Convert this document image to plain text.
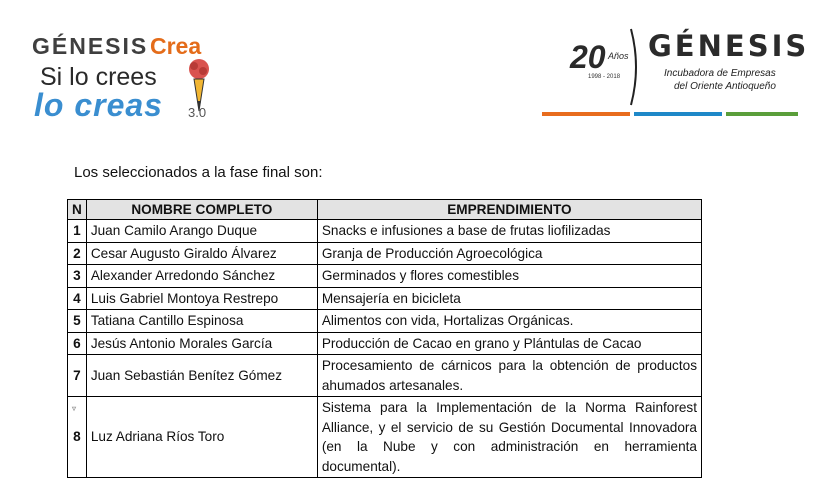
GÉNESIS Crea
Si lo crees
lo creas 3.0
20 Años
1998 - 2018
GÉNESIS
Incubadora de Empresas
del Oriente Antioqueño
Los seleccionados a la fase final son:
N	NOMBRE COMPLETO	EMPRENDIMIENTO
1	Juan Camilo Arango Duque	Snacks e infusiones a base de frutas liofilizadas
2	Cesar Augusto Giraldo Álvarez	Granja de Producción Agroecológica
3	Alexander Arredondo Sánchez	Germinados y flores comestibles
4	Luis Gabriel Montoya Restrepo	Mensajería en bicicleta
5	Tatiana Cantillo Espinosa	Alimentos con vida, Hortalizas Orgánicas.
6	Jesús Antonio Morales García	Producción de Cacao en grano y Plántulas de Cacao
7	Juan Sebastián Benítez Gómez	Procesamiento de cárnicos para la obtención de productos ahumados artesanales.

▿
8	Luz Adriana Ríos Toro	Sistema para la Implementación de la Norma Rainforest Alliance, y el servicio de su Gestión Documental Innovadora (en la Nube y con administración en herramienta documental).
